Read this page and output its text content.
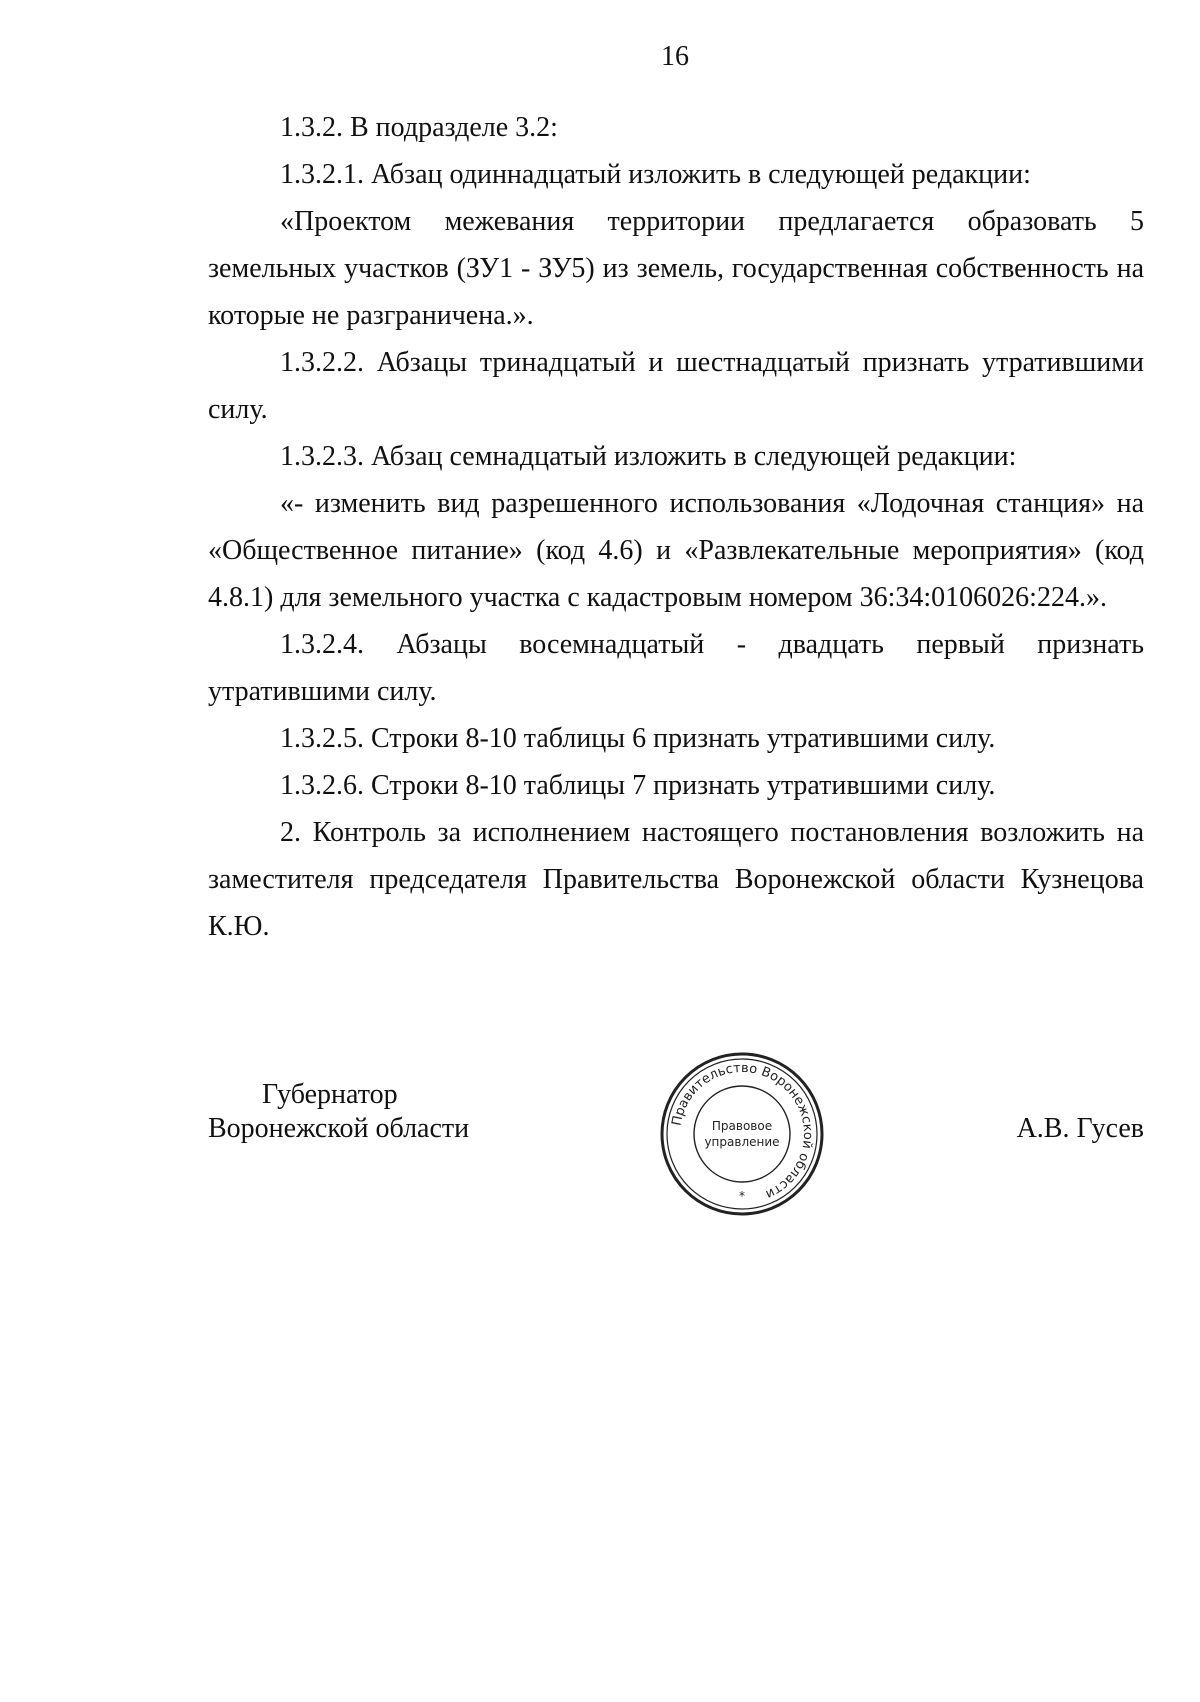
16

1.3.2. В подразделе 3.2:

1.3.2.1. Абзац одиннадцатый изложить в следующей редакции:

«Проектом межевания территории предлагается образовать 5 земельных участков (ЗУ1 - ЗУ5) из земель, государственная собственность на которые не разграничена.».

1.3.2.2. Абзацы тринадцатый и шестнадцатый признать утратившими силу.

1.3.2.3. Абзац семнадцатый изложить в следующей редакции:

«- изменить вид разрешенного использования «Лодочная станция» на «Общественное питание» (код 4.6) и «Развлекательные мероприятия» (код 4.8.1) для земельного участка с кадастровым номером 36:34:0106026:224.».

1.3.2.4. Абзацы восемнадцатый - двадцать первый признать утратившими силу.

1.3.2.5. Строки 8-10 таблицы 6 признать утратившими силу.

1.3.2.6. Строки 8-10 таблицы 7 признать утратившими силу.

2. Контроль за исполнением настоящего постановления возложить на заместителя председателя Правительства Воронежской области Кузнецова К.Ю.

Губернатор
Воронежской области	Правительство Воронежской области
Правовое
управление
*
А.В. Гусев
